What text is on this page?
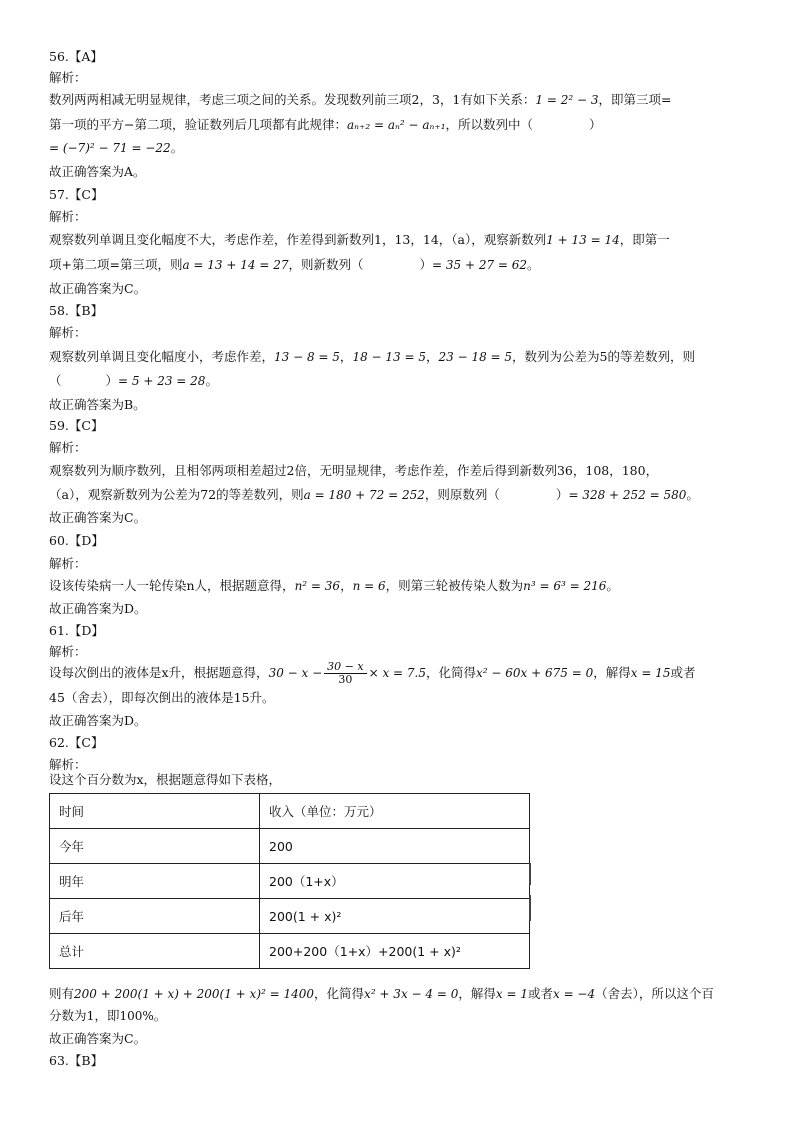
56.【A】
解析：
数列两两相减无明显规律，考虑三项之间的关系。发现数列前三项2，3，1有如下关系：1 = 2² − 3，即第三项=
第一项的平方−第二项，验证数列后几项都有此规律：aₙ₊₂ = aₙ² − aₙ₊₁，所以数列中（	）
= (−7)² − 71 = −22。
故正确答案为A。
57.【C】
解析：
观察数列单调且变化幅度不大，考虑作差，作差得到新数列1，13，14，（a），观察新数列1 + 13 = 14，即第一
项+第二项=第三项，则a = 13 + 14 = 27，则新数列（	）= 35 + 27 = 62。
故正确答案为C。
58.【B】
解析：
观察数列单调且变化幅度小，考虑作差，13 − 8 = 5，18 − 13 = 5，23 − 18 = 5，数列为公差为5的等差数列，则
（	）= 5 + 23 = 28。
故正确答案为B。
59.【C】
解析：
观察数列为顺序数列，且相邻两项相差超过2倍，无明显规律，考虑作差，作差后得到新数列36，108，180，
（a），观察新数列为公差为72的等差数列，则a = 180 + 72 = 252，则原数列（	）= 328 + 252 = 580。
故正确答案为C。
60.【D】
解析：
设该传染病一人一轮传染n人，根据题意得，n² = 36，n = 6，则第三轮被传染人数为n³ = 6³ = 216。
故正确答案为D。
61.【D】
解析：
设每次倒出的液体是x升，根据题意得，$30 - x - \frac{30 - x}{30} \times x = 7.5$，化简得x² − 60x + 675 = 0，解得x = 15或者
45（舍去），即每次倒出的液体是15升。
故正确答案为D。
62.【C】
解析：
设这个百分数为x，根据题意得如下表格，
时间	收入（单位：万元）
今年	200
明年	200（1+x）
后年	200(1 + x)²
总计	200+200（1+x）+200(1 + x)²
则有200 + 200(1 + x) + 200(1 + x)² = 1400，化简得x² + 3x − 4 = 0，解得x = 1或者x = −4（舍去），所以这个百
分数为1，即100%。
故正确答案为C。
63.【B】
